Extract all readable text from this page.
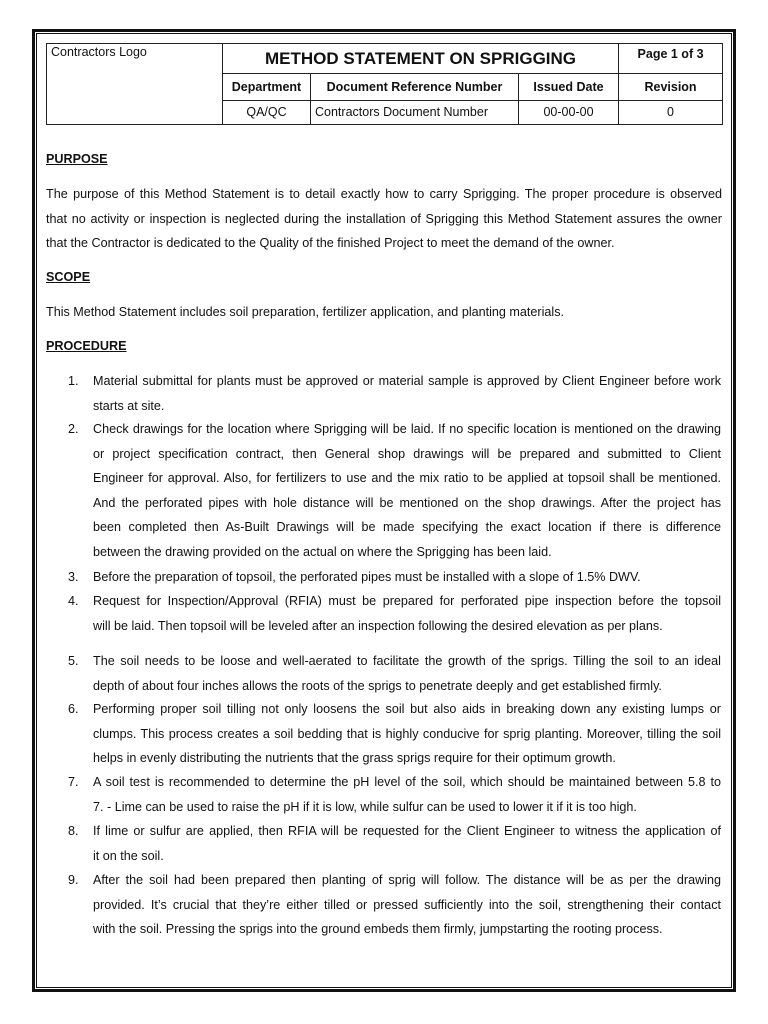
Contractors Logo	METHOD STATEMENT ON SPRIGGING			Page 1 of 3
	Department	Document Reference Number	Issued Date	Revision
	QA/QC	Contractors Document Number	00-00-00	0
PURPOSE
The purpose of this Method Statement is to detail exactly how to carry Sprigging. The proper procedure is observed
that no activity or inspection is neglected during the installation of Sprigging this Method Statement assures the owner
that the Contractor is dedicated to the Quality of the finished Project to meet the demand of the owner.
SCOPE
This Method Statement includes soil preparation, fertilizer application, and planting materials.
PROCEDURE
1.	Material submittal for plants must be approved or material sample is approved by Client Engineer before work
starts at site.
2.	Check drawings for the location where Sprigging will be laid. If no specific location is mentioned on the drawing
or project specification contract, then General shop drawings will be prepared and submitted to Client
Engineer for approval. Also, for fertilizers to use and the mix ratio to be applied at topsoil shall be mentioned.
And the perforated pipes with hole distance will be mentioned on the shop drawings. After the project has
been completed then As-Built Drawings will be made specifying the exact location if there is difference
between the drawing provided on the actual on where the Sprigging has been laid.
3.	Before the preparation of topsoil, the perforated pipes must be installed with a slope of 1.5% DWV.
4.	Request for Inspection/Approval (RFIA) must be prepared for perforated pipe inspection before the topsoil
will be laid. Then topsoil will be leveled after an inspection following the desired elevation as per plans.
5.	The soil needs to be loose and well-aerated to facilitate the growth of the sprigs. Tilling the soil to an ideal
depth of about four inches allows the roots of the sprigs to penetrate deeply and get established firmly.
6.	Performing proper soil tilling not only loosens the soil but also aids in breaking down any existing lumps or
clumps. This process creates a soil bedding that is highly conducive for sprig planting. Moreover, tilling the soil
helps in evenly distributing the nutrients that the grass sprigs require for their optimum growth.
7.	A soil test is recommended to determine the pH level of the soil, which should be maintained between 5.8 to
7. - Lime can be used to raise the pH if it is low, while sulfur can be used to lower it if it is too high.
8.	If lime or sulfur are applied, then RFIA will be requested for the Client Engineer to witness the application of
it on the soil.
9.	After the soil had been prepared then planting of sprig will follow. The distance will be as per the drawing
provided. It’s crucial that they’re either tilled or pressed sufficiently into the soil, strengthening their contact
with the soil. Pressing the sprigs into the ground embeds them firmly, jumpstarting the rooting process.
